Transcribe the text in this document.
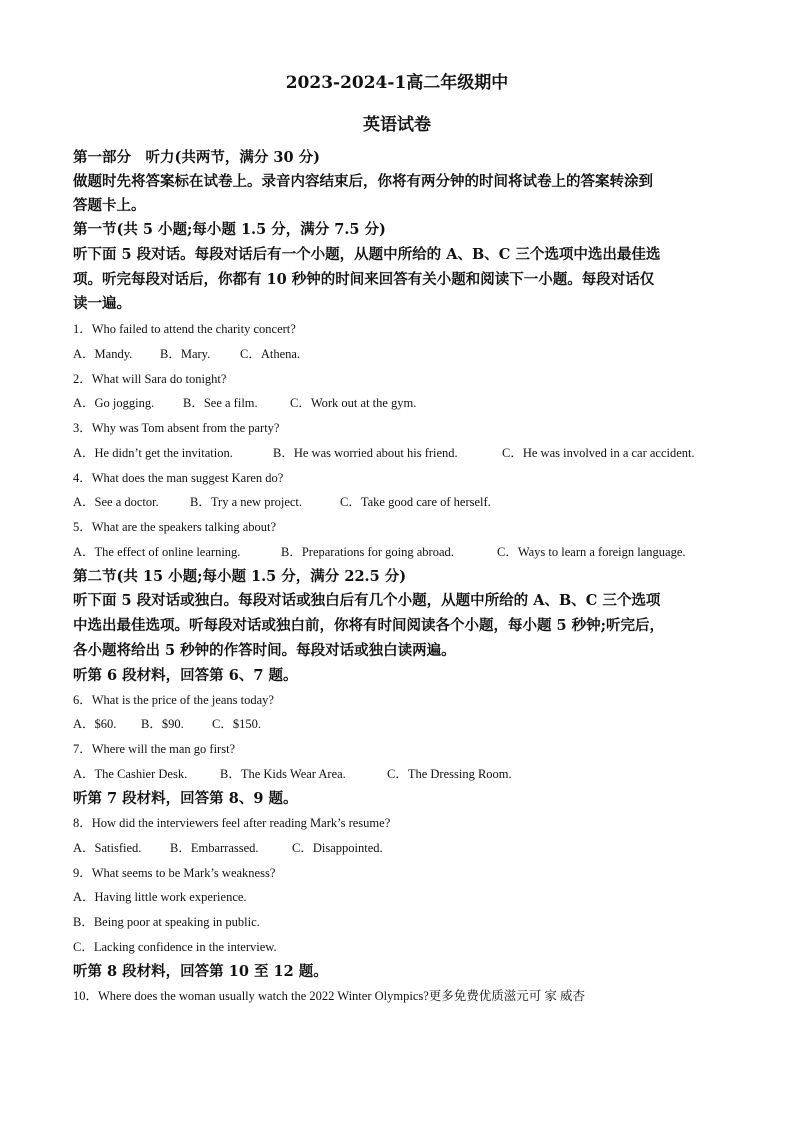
2023-2024-1高二年级期中
英语试卷
第一部分　听力(共两节，满分 30 分)
做题时先将答案标在试卷上。录音内容结束后，你将有两分钟的时间将试卷上的答案转涂到
答题卡上。
第一节(共 5 小题;每小题 1.5 分，满分 7.5 分)
听下面 5 段对话。每段对话后有一个小题，从题中所给的 A、B、C 三个选项中选出最佳选
项。听完每段对话后，你都有 10 秒钟的时间来回答有关小题和阅读下一小题。每段对话仅
读一遍。
1．Who failed to attend the charity concert?
A．Mandy. B．Mary. C．Athena.
2．What will Sara do tonight?
A．Go jogging. B．See a film.	C．Work out at the gym.
3．Why was Tom absent from the party?
A．He didn’t get the invitation.	B．He was worried about his friend.	C．He was involved in a car accident.
4．What does the man suggest Karen do?
A．See a doctor.	B．Try a new project.	C．Take good care of herself.
5．What are the speakers talking about?
A．The effect of online learning.	B．Preparations for going abroad.	C．Ways to learn a foreign language.
第二节(共 15 小题;每小题 1.5 分，满分 22.5 分)
听下面 5 段对话或独白。每段对话或独白后有几个小题，从题中所给的 A、B、C 三个选项
中选出最佳选项。听每段对话或独白前，你将有时间阅读各个小题，每小题 5 秒钟;听完后，
各小题将给出 5 秒钟的作答时间。每段对话或独白读两遍。
听第 6 段材料，回答第 6、7 题。
6．What is the price of the jeans today?
A．$60. B．$90. C．$150.
7．Where will the man go first?
A．The Cashier Desk.	B．The Kids Wear Area.	C．The Dressing Room.
听第 7 段材料，回答第 8、9 题。
8．How did the interviewers feel after reading Mark’s resume?
A．Satisfied. B．Embarrassed.	C．Disappointed.
9．What seems to be Mark’s weakness?
A．Having little work experience.
B．Being poor at speaking in public.
C．Lacking confidence in the interview.
听第 8 段材料，回答第 10 至 12 题。
10．Where does the woman usually watch the 2022 Winter Olympics?更多免费优质滋元可 家 威杏
